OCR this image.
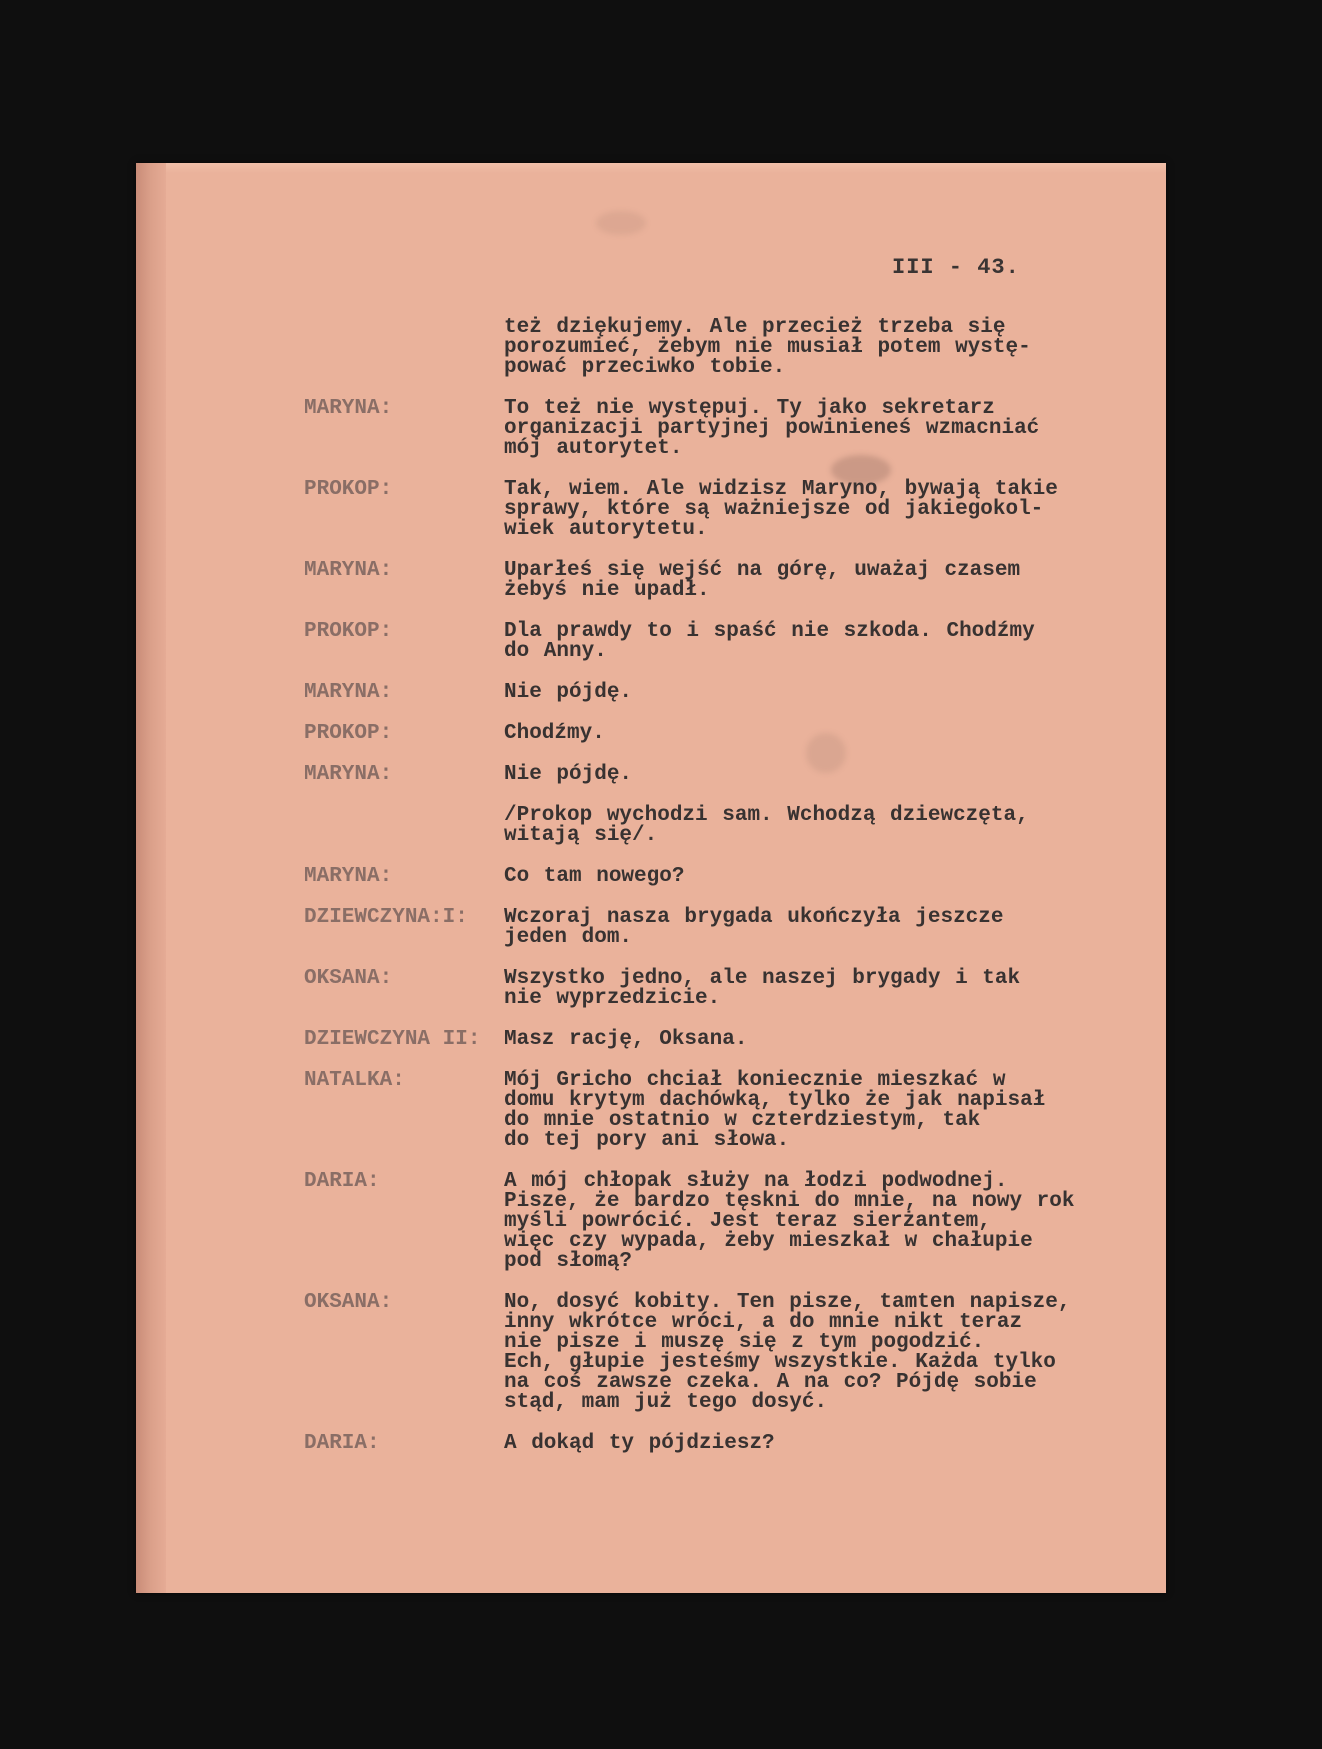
III - 43.
też dziękujemy. Ale przecież trzeba się
porozumieć, żebym nie musiał potem wystę-
pować przeciwko tobie.
MARYNA:	To też nie występuj. Ty jako sekretarz
organizacji partyjnej powinieneś wzmacniać
mój autorytet.
PROKOP:	Tak, wiem. Ale widzisz Maryno, bywają takie
sprawy, które są ważniejsze od jakiegokol-
wiek autorytetu.
MARYNA:	Uparłeś się wejść na górę, uważaj czasem
żebyś nie upadł.
PROKOP:	Dla prawdy to i spaść nie szkoda. Chodźmy
do Anny.
MARYNA:	Nie pójdę.
PROKOP:	Chodźmy.
MARYNA:	Nie pójdę.
/Prokop wychodzi sam. Wchodzą dziewczęta,
witają się/.
MARYNA:	Co tam nowego?
DZIEWCZYNA:I:	Wczoraj nasza brygada ukończyła jeszcze
jeden dom.
OKSANA:	Wszystko jedno, ale naszej brygady i tak
nie wyprzedzicie.
DZIEWCZYNA II:	Masz rację, Oksana.
NATALKA:	Mój Gricho chciał koniecznie mieszkać w
domu krytym dachówką, tylko że jak napisał
do mnie ostatnio w czterdziestym, tak
do tej pory ani słowa.
DARIA:	A mój chłopak służy na łodzi podwodnej.
Pisze, że bardzo tęskni do mnie, na nowy rok
myśli powrócić. Jest teraz sierżantem,
więc czy wypada, żeby mieszkał w chałupie
pod słomą?
OKSANA:	No, dosyć kobity. Ten pisze, tamten napisze,
inny wkrótce wróci, a do mnie nikt teraz
nie pisze i muszę się z tym pogodzić.
Ech, głupie jesteśmy wszystkie. Każda tylko
na coś zawsze czeka. A na co? Pójdę sobie
stąd, mam już tego dosyć.
DARIA:	A dokąd ty pójdziesz?
